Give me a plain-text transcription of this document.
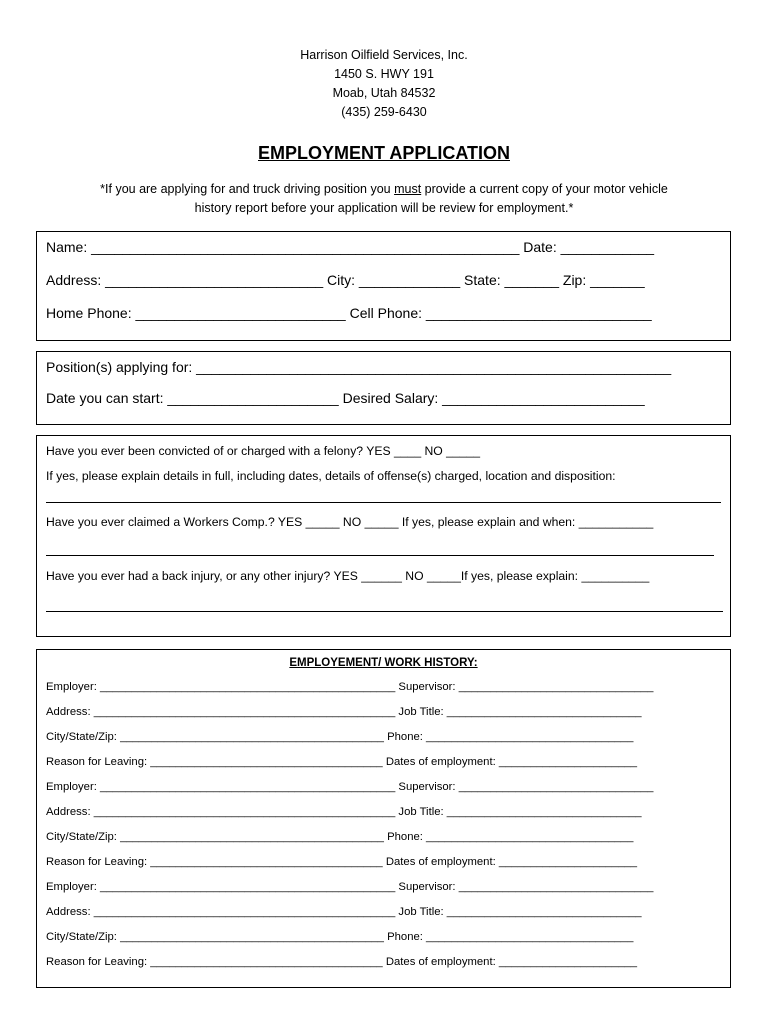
Harrison Oilfield Services, Inc.
1450 S. HWY 191
Moab, Utah 84532
(435) 259-6430
EMPLOYMENT APPLICATION
*If you are applying for and truck driving position you must provide a current copy of your motor vehicle
history report before your application will be review for employment.*
Name: _______________________________________________________ Date: ____________
Address: ____________________________ City: _____________ State: _______ Zip: _______
Home Phone: ___________________________ Cell Phone: _____________________________
Position(s) applying for: _____________________________________________________________
Date you can start: ______________________ Desired Salary: __________________________
Have you ever been convicted of or charged with a felony? YES ____ NO _____
If yes, please explain details in full, including dates, details of offense(s) charged, location and disposition:
Have you ever claimed a Workers Comp.? YES _____ NO _____ If yes, please explain and when: ___________
Have you ever had a back injury, or any other injury? YES ______ NO _____If yes, please explain: __________
EMPLOYEMENT/ WORK HISTORY:
Employer: _______________________________________________ Supervisor: _______________________________
Address: ________________________________________________ Job Title: _______________________________
City/State/Zip: __________________________________________ Phone: _________________________________
Reason for Leaving: _____________________________________ Dates of employment: ______________________
Employer: _______________________________________________ Supervisor: _______________________________
Address: ________________________________________________ Job Title: _______________________________
City/State/Zip: __________________________________________ Phone: _________________________________
Reason for Leaving: _____________________________________ Dates of employment: ______________________
Employer: _______________________________________________ Supervisor: _______________________________
Address: ________________________________________________ Job Title: _______________________________
City/State/Zip: __________________________________________ Phone: _________________________________
Reason for Leaving: _____________________________________ Dates of employment: ______________________
